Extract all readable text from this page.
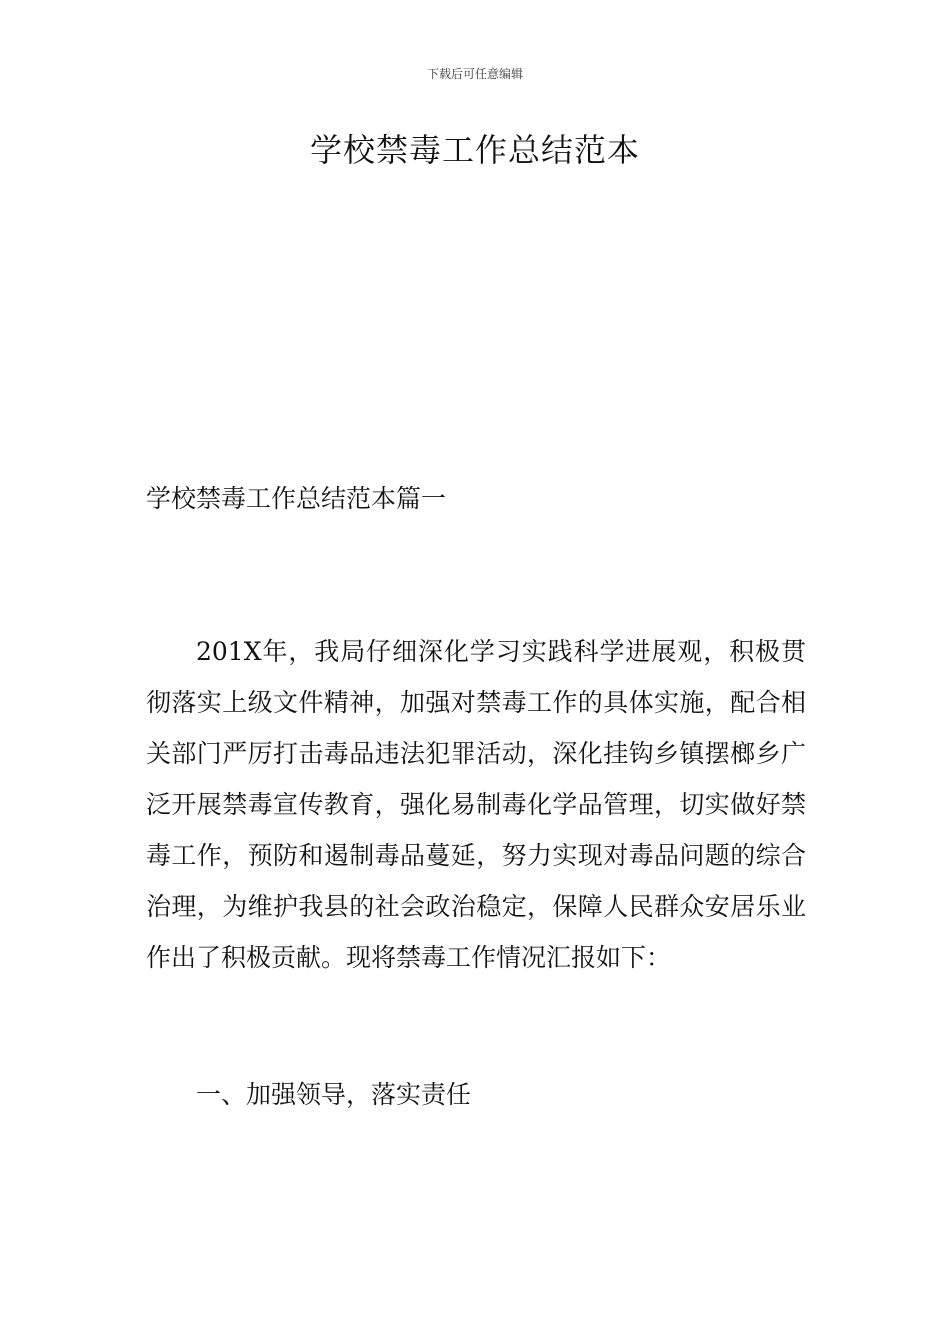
下载后可任意编辑
学校禁毒工作总结范本
学校禁毒工作总结范本篇一

201X年，我局仔细深化学习实践科学进展观，积极贯彻落实上级文件精神，加强对禁毒工作的具体实施，配合相关部门严厉打击毒品违法犯罪活动，深化挂钩乡镇摆榔乡广泛开展禁毒宣传教育，强化易制毒化学品管理，切实做好禁毒工作，预防和遏制毒品蔓延，努力实现对毒品问题的综合治理，为维护我县的社会政治稳定，保障人民群众安居乐业作出了积极贡献。现将禁毒工作情况汇报如下：

一、加强领导，落实责任
